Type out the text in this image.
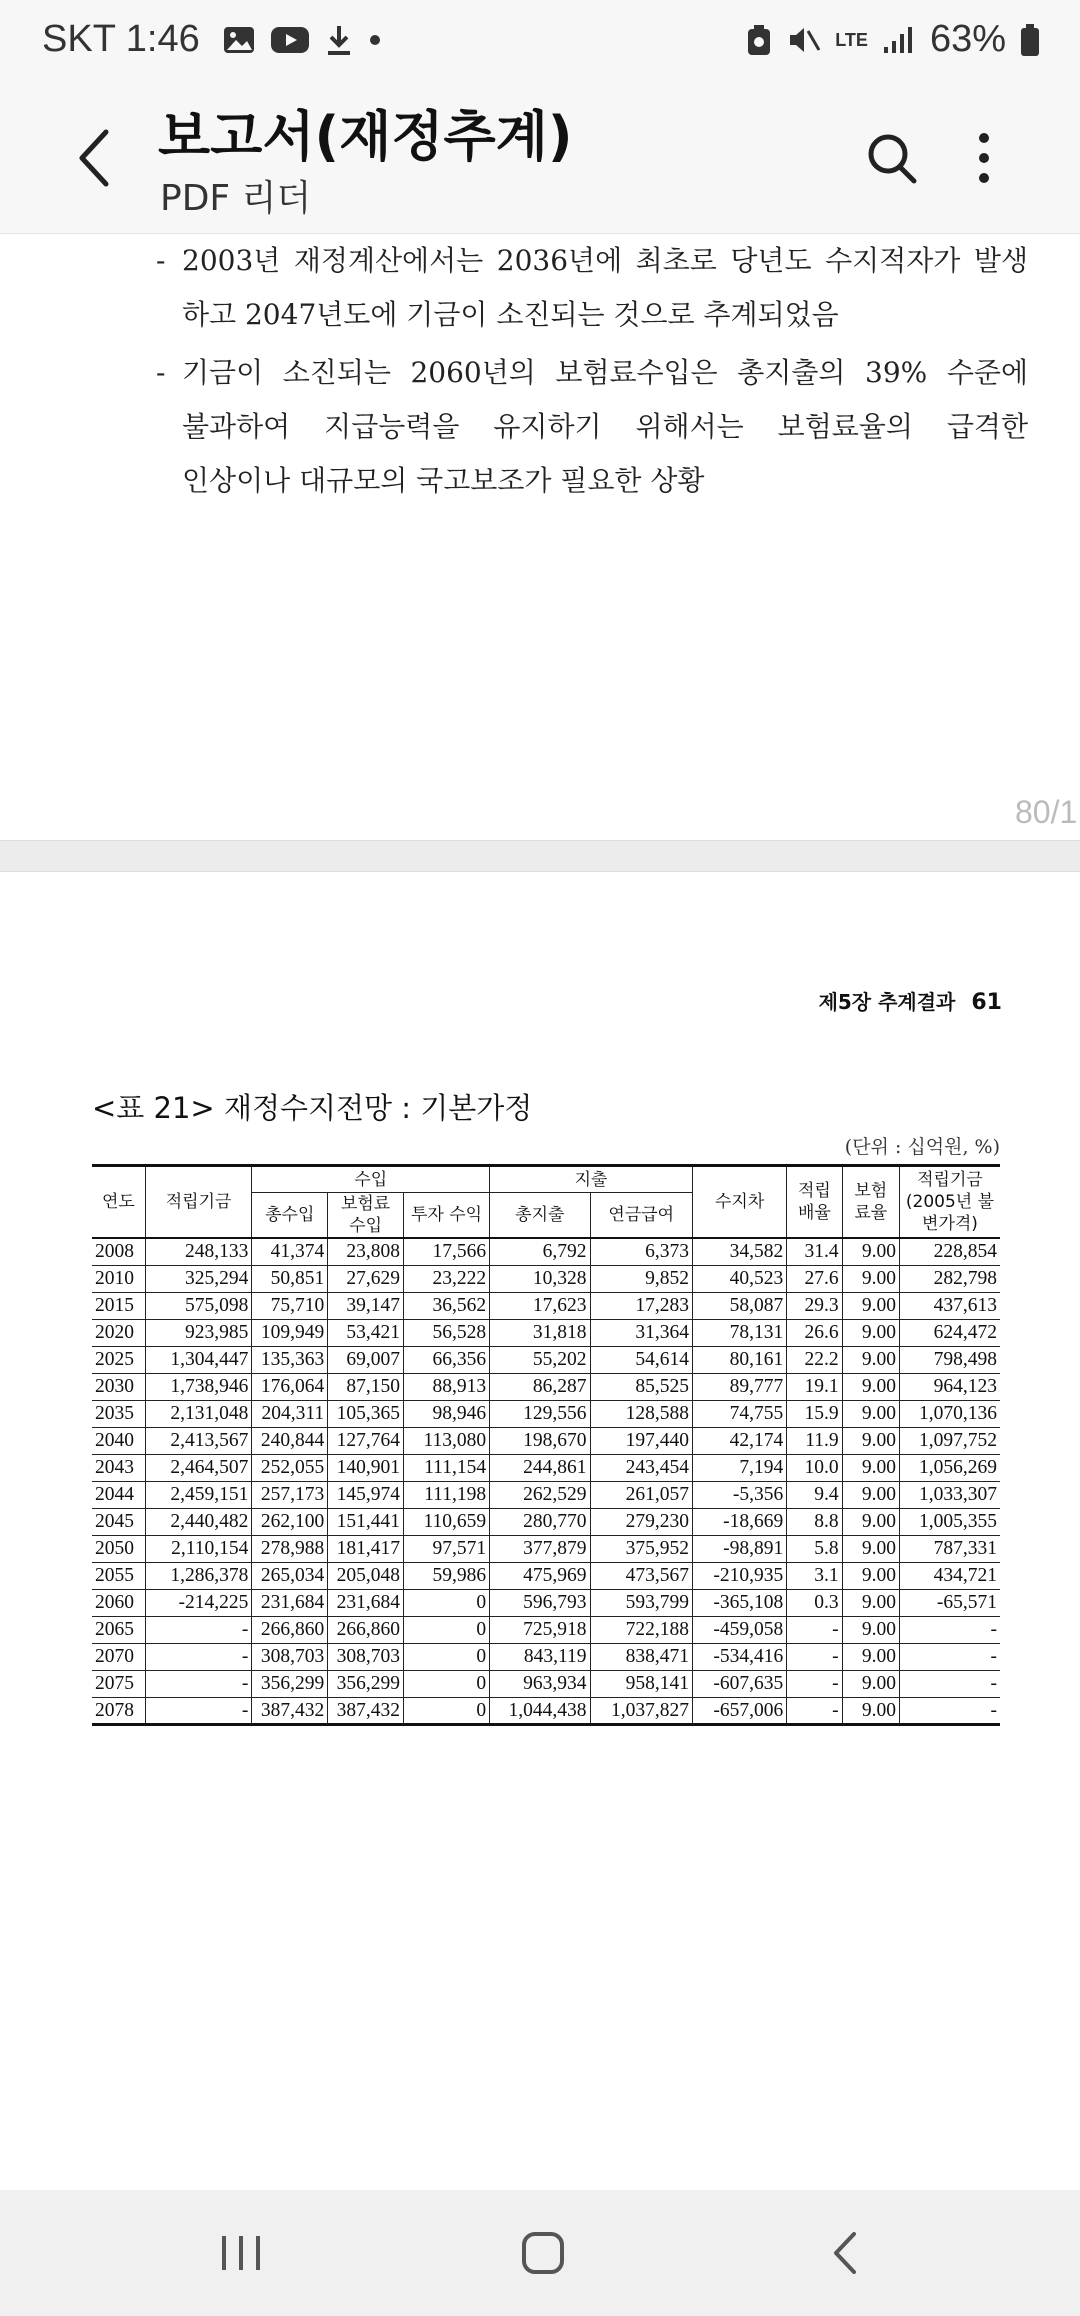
SKT 1:46	LTE 63%
보고서(재정추계)
PDF 리더
- 2003년 재정계산에서는 2036년에 최초로 당년도 수지적자가 발생
하고 2047년도에 기금이 소진되는 것으로 추계되었음
- 기금이 소진되는 2060년의 보험료수입은 총지출의 39% 수준에
불과하여 지급능력을 유지하기 위해서는 보험료율의 급격한
인상이나 대규모의 국고보조가 필요한 상황
80/1
제5장 추계결과 61
<표 21> 재정수지전망 : 기본가정
(단위 : 십억원, %)
연도	적립기금	수입			지출		수지차	적립 배율	보험 료율	적립기금 (2005년 불변가격)
		총수입	보험료 수입	투자 수익	총지출	연금급여				
2008	248,133	41,374	23,808	17,566	6,792	6,373	34,582	31.4	9.00	228,854
2010	325,294	50,851	27,629	23,222	10,328	9,852	40,523	27.6	9.00	282,798
2015	575,098	75,710	39,147	36,562	17,623	17,283	58,087	29.3	9.00	437,613
2020	923,985	109,949	53,421	56,528	31,818	31,364	78,131	26.6	9.00	624,472
2025	1,304,447	135,363	69,007	66,356	55,202	54,614	80,161	22.2	9.00	798,498
2030	1,738,946	176,064	87,150	88,913	86,287	85,525	89,777	19.1	9.00	964,123
2035	2,131,048	204,311	105,365	98,946	129,556	128,588	74,755	15.9	9.00	1,070,136
2040	2,413,567	240,844	127,764	113,080	198,670	197,440	42,174	11.9	9.00	1,097,752
2043	2,464,507	252,055	140,901	111,154	244,861	243,454	7,194	10.0	9.00	1,056,269
2044	2,459,151	257,173	145,974	111,198	262,529	261,057	-5,356	9.4	9.00	1,033,307
2045	2,440,482	262,100	151,441	110,659	280,770	279,230	-18,669	8.8	9.00	1,005,355
2050	2,110,154	278,988	181,417	97,571	377,879	375,952	-98,891	5.8	9.00	787,331
2055	1,286,378	265,034	205,048	59,986	475,969	473,567	-210,935	3.1	9.00	434,721
2060	-214,225	231,684	231,684	0	596,793	593,799	-365,108	0.3	9.00	-65,571
2065	-	266,860	266,860	0	725,918	722,188	-459,058	-	9.00	-
2070	-	308,703	308,703	0	843,119	838,471	-534,416	-	9.00	-
2075	-	356,299	356,299	0	963,934	958,141	-607,635	-	9.00	-
2078	-	387,432	387,432	0	1,044,438	1,037,827	-657,006	-	9.00	-
